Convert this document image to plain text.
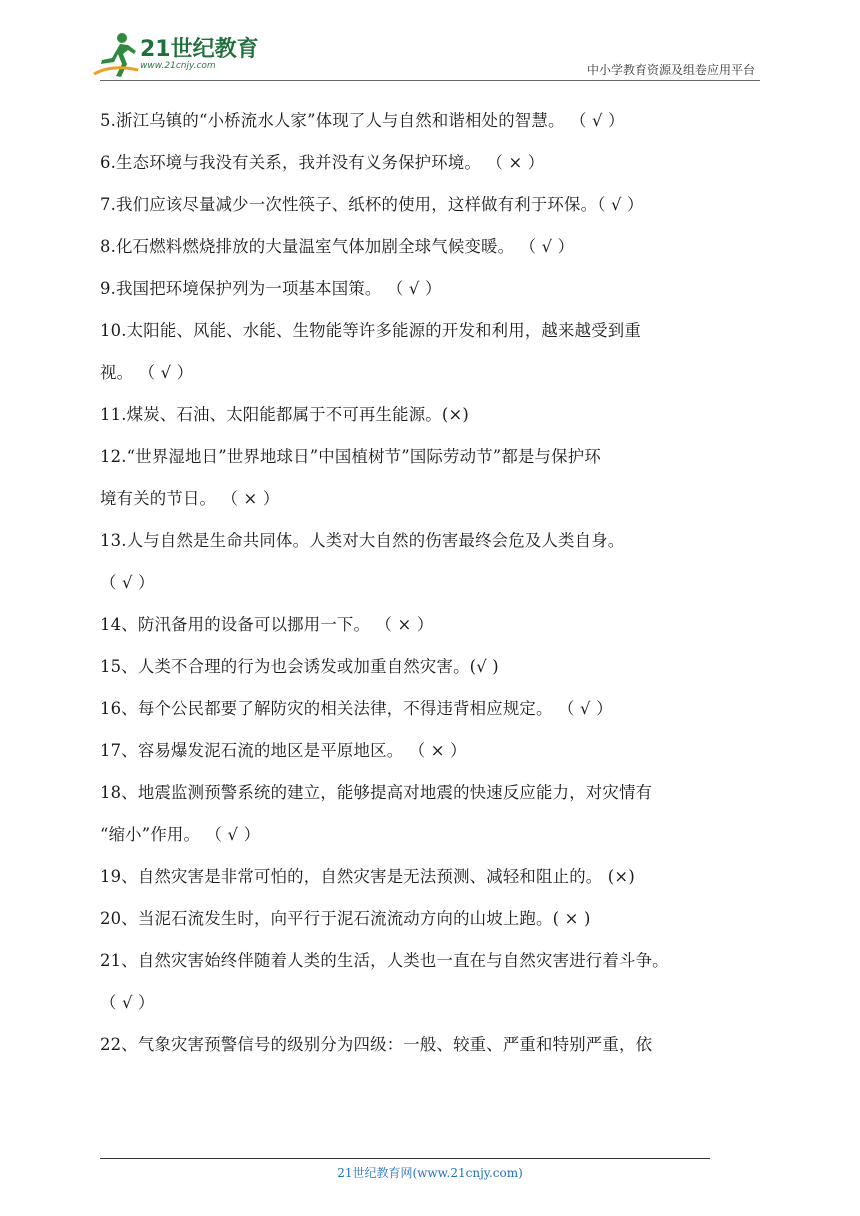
21世纪教育
www.21cnjy.com	中小学教育资源及组卷应用平台
5.浙江乌镇的“小桥流水人家”体现了人与自然和谐相处的智慧。 （ √ ）
6.生态环境与我没有关系，我并没有义务保护环境。 （ × ）
7.我们应该尽量减少一次性筷子、纸杯的使用，这样做有利于环保。（ √ ）
8.化石燃料燃烧排放的大量温室气体加剧全球气候变暖。 （ √ ）
9.我国把环境保护列为一项基本国策。 （ √ ）
10.太阳能、风能、水能、生物能等许多能源的开发和利用，越来越受到重
视。 （ √ ）
11.煤炭、石油、太阳能都属于不可再生能源。(×)
12.“世界湿地日”世界地球日”中国植树节”国际劳动节”都是与保护环
境有关的节日。 （ × ）
13.人与自然是生命共同体。人类对大自然的伤害最终会危及人类自身。
（ √ ）
14、防汛备用的设备可以挪用一下。 （ × ）
15、人类不合理的行为也会诱发或加重自然灾害。(√ )
16、每个公民都要了解防灾的相关法律，不得违背相应规定。 （ √ ）
17、容易爆发泥石流的地区是平原地区。 （ × ）
18、地震监测预警系统的建立，能够提高对地震的快速反应能力，对灾情有
“缩小”作用。 （ √ ）
19、自然灾害是非常可怕的，自然灾害是无法预测、减轻和阻止的。 (×)
20、当泥石流发生时，向平行于泥石流流动方向的山坡上跑。( × )
21、自然灾害始终伴随着人类的生活，人类也一直在与自然灾害进行着斗争。
（ √ ）
22、气象灾害预警信号的级别分为四级：一般、较重、严重和特别严重，依
21世纪教育网(www.21cnjy.com)
